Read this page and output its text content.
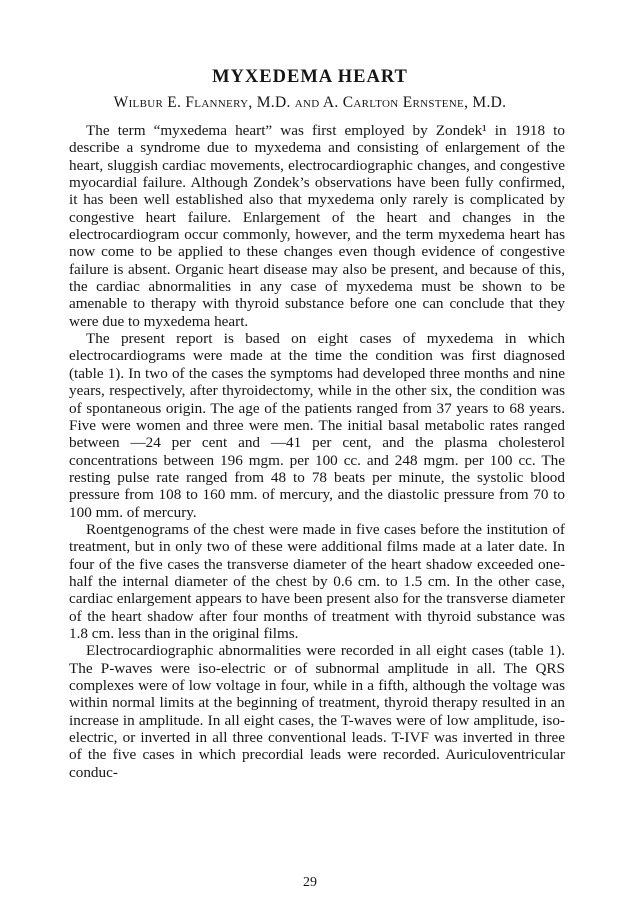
MYXEDEMA HEART
Wilbur E. Flannery, M.D. and A. Carlton Ernstene, M.D.

The term “myxedema heart” was first employed by Zondek¹ in 1918 to describe a syndrome due to myxedema and consisting of enlargement of the heart, sluggish cardiac movements, electrocardiographic changes, and congestive myocardial failure. Although Zondek’s observations have been fully confirmed, it has been well established also that myxedema only rarely is complicated by congestive heart failure. Enlargement of the heart and changes in the electrocardiogram occur commonly, however, and the term myxedema heart has now come to be applied to these changes even though evidence of congestive failure is absent. Organic heart disease may also be present, and because of this, the cardiac abnormalities in any case of myxedema must be shown to be amenable to therapy with thyroid substance before one can conclude that they were due to myxedema heart.

The present report is based on eight cases of myxedema in which electrocardiograms were made at the time the condition was first diagnosed (table 1). In two of the cases the symptoms had developed three months and nine years, respectively, after thyroidectomy, while in the other six, the condition was of spontaneous origin. The age of the patients ranged from 37 years to 68 years. Five were women and three were men. The initial basal metabolic rates ranged between —24 per cent and —41 per cent, and the plasma cholesterol concentrations between 196 mgm. per 100 cc. and 248 mgm. per 100 cc. The resting pulse rate ranged from 48 to 78 beats per minute, the systolic blood pressure from 108 to 160 mm. of mercury, and the diastolic pressure from 70 to 100 mm. of mercury.

Roentgenograms of the chest were made in five cases before the institution of treatment, but in only two of these were additional films made at a later date. In four of the five cases the transverse diameter of the heart shadow exceeded one-half the internal diameter of the chest by 0.6 cm. to 1.5 cm. In the other case, cardiac enlargement appears to have been present also for the transverse diameter of the heart shadow after four months of treatment with thyroid substance was 1.8 cm. less than in the original films.

Electrocardiographic abnormalities were recorded in all eight cases (table 1). The P-waves were iso-electric or of subnormal amplitude in all. The QRS complexes were of low voltage in four, while in a fifth, although the voltage was within normal limits at the beginning of treatment, thyroid therapy resulted in an increase in amplitude. In all eight cases, the T-waves were of low amplitude, iso-electric, or inverted in all three conventional leads. T-IVF was inverted in three of the five cases in which precordial leads were recorded. Auriculoventricular conduc-

29
